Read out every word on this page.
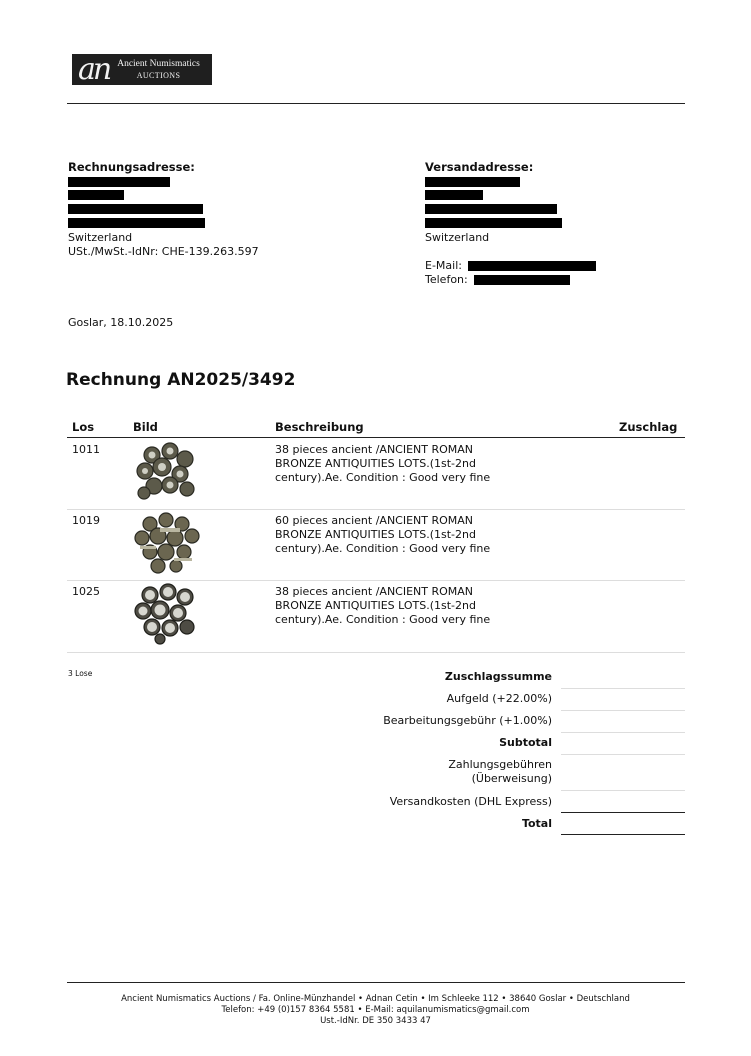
an Ancient Numismatics
AUCTIONS
Rechnungsadresse:
Switzerland
USt./MwSt.-IdNr: CHE-139.263.597
Versandadresse:
Switzerland
E-Mail:
Telefon:
Goslar, 18.10.2025
Rechnung AN2025/3492
Los	Bild	Beschreibung	Zuschlag
1011	38 pieces ancient /ANCIENT ROMAN
BRONZE ANTIQUITIES LOTS.(1st-2nd
century).Ae. Condition : Good very fine
1019	60 pieces ancient /ANCIENT ROMAN
BRONZE ANTIQUITIES LOTS.(1st-2nd
century).Ae. Condition : Good very fine
1025	38 pieces ancient /ANCIENT ROMAN
BRONZE ANTIQUITIES LOTS.(1st-2nd
century).Ae. Condition : Good very fine
3 Lose	Zuschlagssumme
Aufgeld (+22.00%)
Bearbeitungsgebühr (+1.00%)
Subtotal
Zahlungsgebühren
(Überweisung)
Versandkosten (DHL Express)
Total
Ancient Numismatics Auctions / Fa. Online-Münzhandel • Adnan Cetin • Im Schleeke 112 • 38640 Goslar • Deutschland
Telefon: +49 (0)157 8364 5581 • E-Mail: aquilanumismatics@gmail.com
Ust.-IdNr. DE 350 3433 47
